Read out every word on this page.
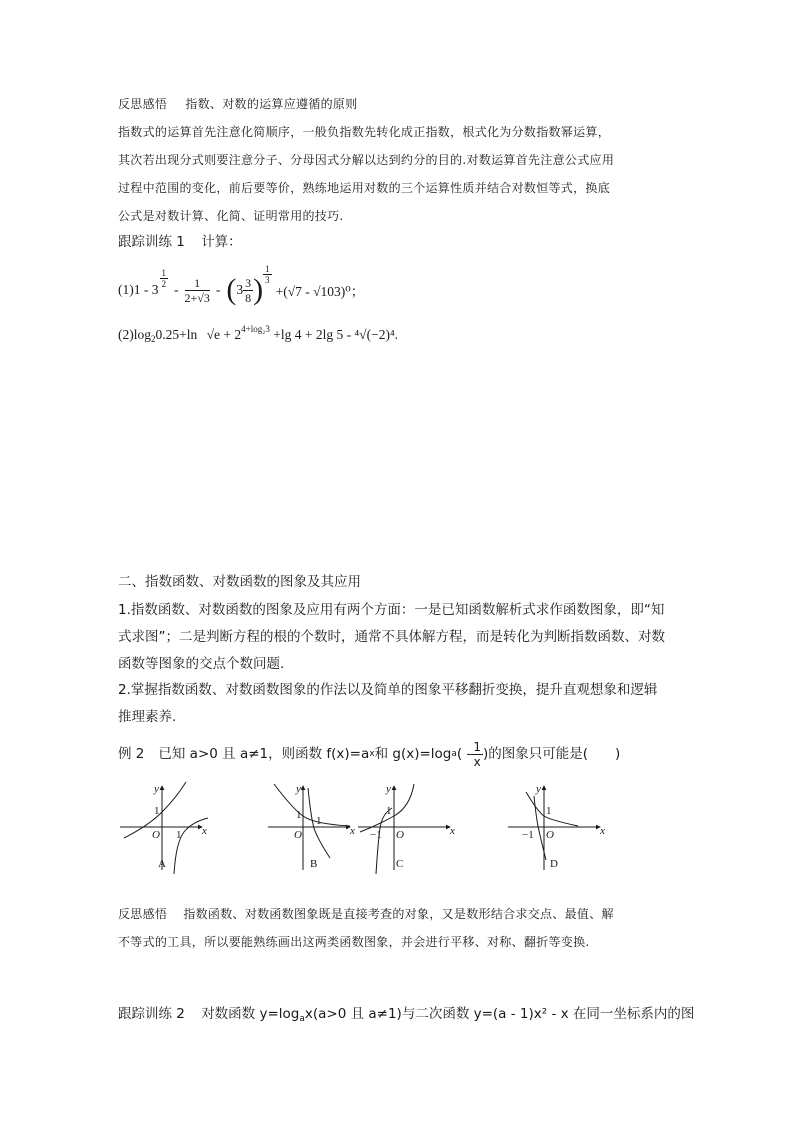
反思感悟 指数、对数的运算应遵循的原则
指数式的运算首先注意化简顺序，一般负指数先转化成正指数，根式化为分数指数幂运算，
其次若出现分式则要注意分子、分母因式分解以达到约分的目的.对数运算首先注意公式应用
过程中范围的变化，前后要等价，熟练地运用对数的三个运算性质并结合对数恒等式，换底
公式是对数计算、化简、证明常用的技巧.
跟踪训练 1 计算：
(1)1 - 3
$\frac{1}{2}$
- $\frac{1}{2+√3}$ - ( $3 \frac{3}{8}$ ) $\frac{1}{3}$
+(√7 - √103)⁰；
$(2)\log_20.25+\ln$ $√e + 2^{4+log_23} +\lg$ 4 + 2lg 5 - ⁴√(−2)⁴.
二、指数函数、对数函数的图象及其应用
1.指数函数、对数函数的图象及应用有两个方面：一是已知函数解析式求作函数图象，即“知
式求图”；二是判断方程的根的个数时，通常不具体解方程，而是转化为判断指数函数、对数
函数等图象的交点个数问题.
2.掌握指数函数、对数函数图象的作法以及简单的图象平移翻折变换，提升直观想象和逻辑
推理素养.
例 2 已知 a>0 且 a≠1，则函数 f(x)=a x 和 g(x)=log a ( - $\frac{1}{x}$ )的图象只可能是(　　)
y
x
O
1
1
y
x
O
1 1
y
x
O
1
−1
y
x
O
1
−1
A	B	C	D
反思感悟 指数函数、对数函数图象既是直接考查的对象，又是数形结合求交点、最值、解
不等式的工具，所以要能熟练画出这两类函数图象，并会进行平移、对称、翻折等变换.
跟踪训练 2 对数函数 $y=\log_ax(a>0$ 且 a≠1)与二次函数 y=(a - 1)x² - x 在同一坐标系内的图
